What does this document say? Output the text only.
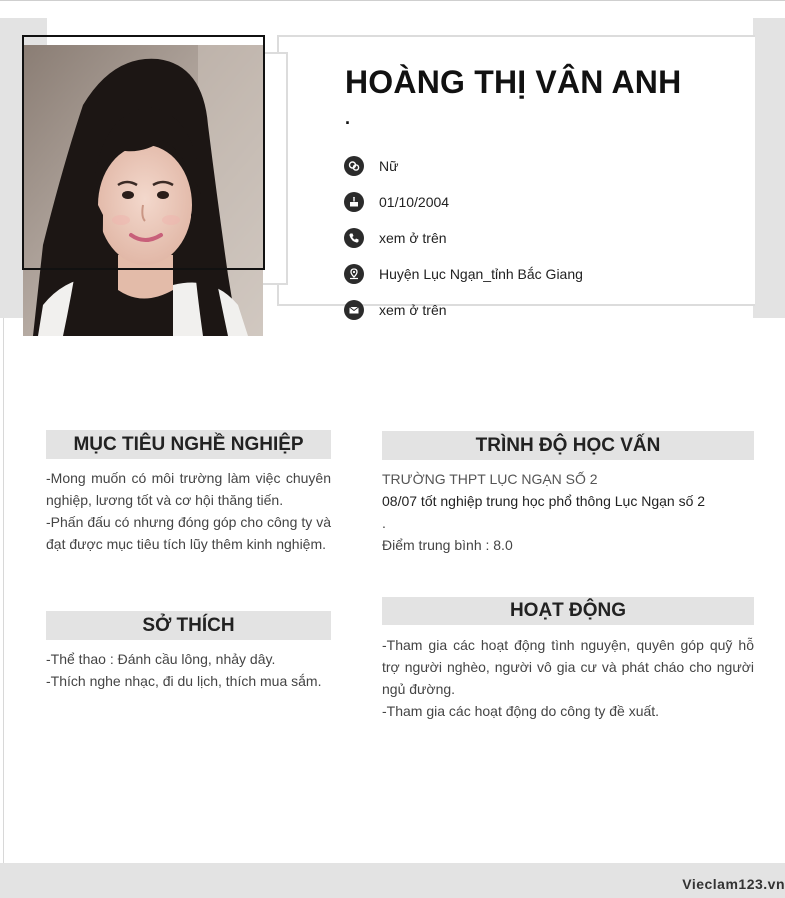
HOÀNG THỊ VÂN ANH
.
Nữ
01/10/2004
xem ở trên
Huyện Lục Ngạn_tỉnh Bắc Giang
xem ở trên
MỤC TIÊU NGHỀ NGHIỆP

-Mong muốn có môi trường làm việc chuyên nghiệp, lương tốt và cơ hội thăng tiến.

-Phấn đấu có nhưng đóng góp cho công ty và đạt được mục tiêu tích lũy thêm kinh nghiệm.

SỞ THÍCH

-Thể thao : Đánh cầu lông, nhảy dây.

-Thích nghe nhạc, đi du lịch, thích mua sắm.

TRÌNH ĐỘ HỌC VẤN

TRƯỜNG THPT LỤC NGẠN SỐ 2

08/07 tốt nghiệp trung học phổ thông Lục Ngạn số 2

.

Điểm trung bình : 8.0

HOẠT ĐỘNG

-Tham gia các hoạt động tình nguyện, quyên góp quỹ hỗ trợ người nghèo, người vô gia cư và phát cháo cho người ngủ đường.

-Tham gia các hoạt động do công ty đề xuất.

Vieclam123.vn
